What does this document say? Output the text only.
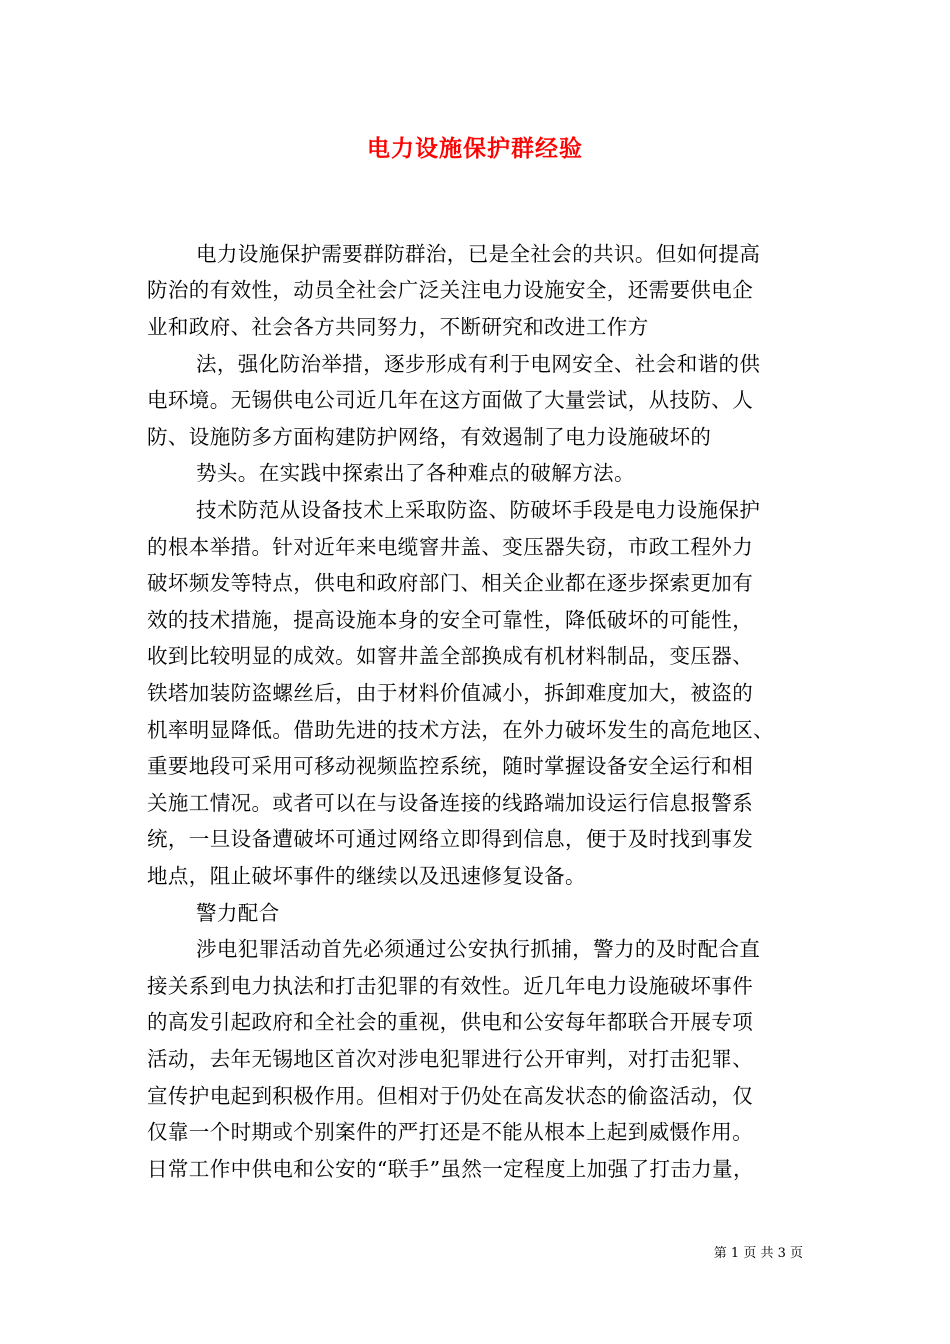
电力设施保护群经验

电力设施保护需要群防群治，已是全社会的共识。但如何提高

防治的有效性，动员全社会广泛关注电力设施安全，还需要供电企

业和政府、社会各方共同努力，不断研究和改进工作方

法，强化防治举措，逐步形成有利于电网安全、社会和谐的供

电环境。无锡供电公司近几年在这方面做了大量尝试，从技防、人

防、设施防多方面构建防护网络，有效遏制了电力设施破坏的

势头。在实践中探索出了各种难点的破解方法。

技术防范从设备技术上采取防盗、防破坏手段是电力设施保护

的根本举措。针对近年来电缆窨井盖、变压器失窃，市政工程外力

破坏频发等特点，供电和政府部门、相关企业都在逐步探索更加有

效的技术措施，提高设施本身的安全可靠性，降低破坏的可能性，

收到比较明显的成效。如窨井盖全部换成有机材料制品，变压器、

铁塔加装防盗螺丝后，由于材料价值减小，拆卸难度加大，被盗的

机率明显降低。借助先进的技术方法，在外力破坏发生的高危地区、

重要地段可采用可移动视频监控系统，随时掌握设备安全运行和相

关施工情况。或者可以在与设备连接的线路端加设运行信息报警系

统，一旦设备遭破坏可通过网络立即得到信息，便于及时找到事发

地点，阻止破坏事件的继续以及迅速修复设备。

警力配合

涉电犯罪活动首先必须通过公安执行抓捕，警力的及时配合直

接关系到电力执法和打击犯罪的有效性。近几年电力设施破坏事件

的高发引起政府和全社会的重视，供电和公安每年都联合开展专项

活动，去年无锡地区首次对涉电犯罪进行公开审判，对打击犯罪、

宣传护电起到积极作用。但相对于仍处在高发状态的偷盗活动，仅

仅靠一个时期或个别案件的严打还是不能从根本上起到威慑作用。

日常工作中供电和公安的“联手”虽然一定程度上加强了打击力量，

第 1 页 共 3 页
